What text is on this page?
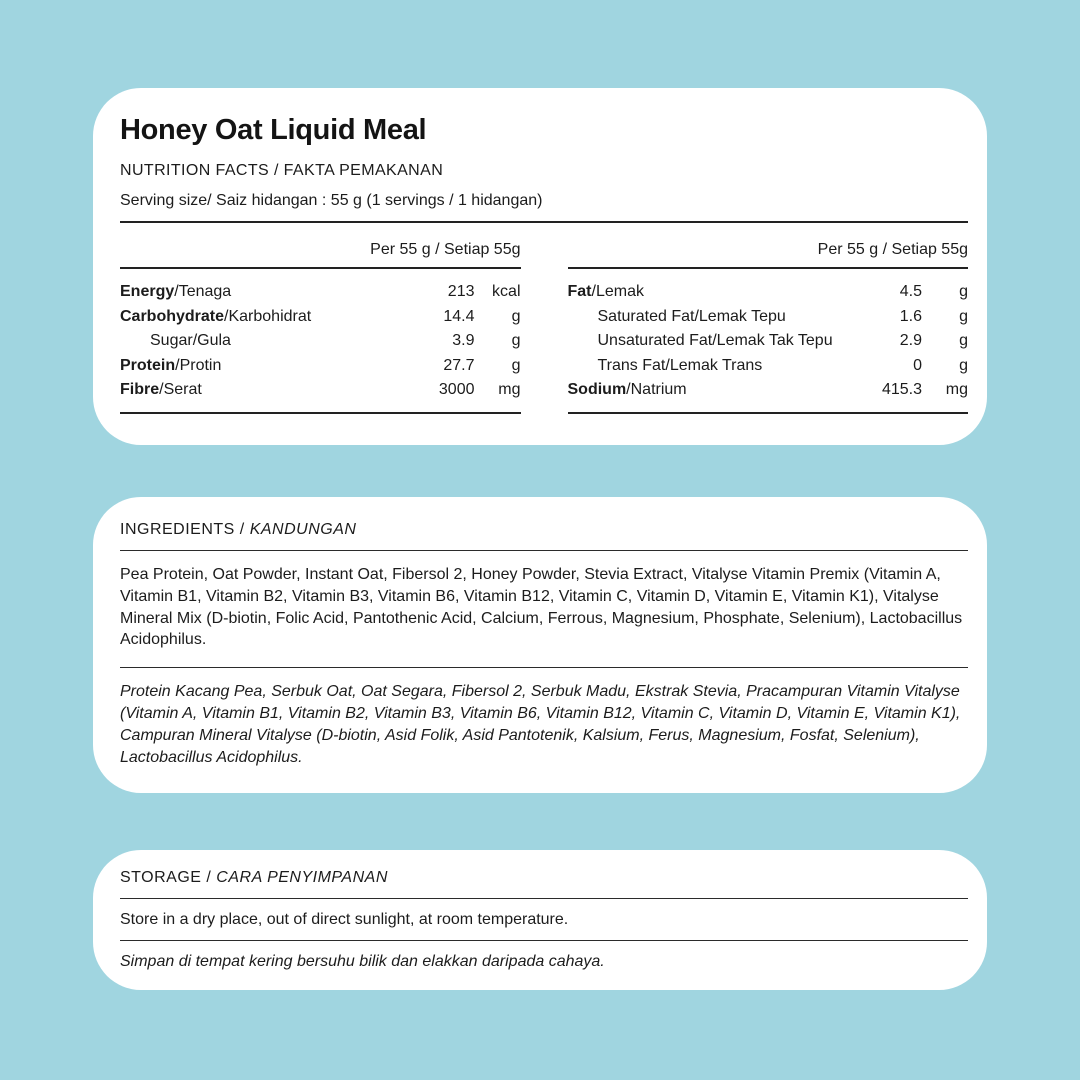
Honey Oat Liquid Meal
NUTRITION FACTS / FAKTA PEMAKANAN
Serving size/ Saiz hidangan : 55 g (1 servings / 1 hidangan)
Per 55 g / Setiap 55g
Energy/Tenaga	213	kcal
Carbohydrate/Karbohidrat	14.4	g
Sugar/Gula	3.9	g
Protein/Protin	27.7	g
Fibre/Serat	3000	mg
Per 55 g / Setiap 55g
Fat/Lemak	4.5	g
Saturated Fat/Lemak Tepu	1.6	g
Unsaturated Fat/Lemak Tak Tepu	2.9	g
Trans Fat/Lemak Trans	0	g
Sodium/Natrium	415.3	mg
INGREDIENTS / KANDUNGAN

Pea Protein, Oat Powder, Instant Oat, Fibersol 2, Honey Powder, Stevia Extract, Vitalyse Vitamin Premix (Vitamin A, Vitamin B1, Vitamin B2, Vitamin B3, Vitamin B6, Vitamin B12, Vitamin C, Vitamin D, Vitamin E, Vitamin K1), Vitalyse Mineral Mix (D-biotin, Folic Acid, Pantothenic Acid, Calcium, Ferrous, Magnesium, Phosphate, Selenium), Lactobacillus Acidophilus.

Protein Kacang Pea, Serbuk Oat, Oat Segara, Fibersol 2, Serbuk Madu, Ekstrak Stevia, Pracampuran Vitamin Vitalyse (Vitamin A, Vitamin B1, Vitamin B2, Vitamin B3, Vitamin B6, Vitamin B12, Vitamin C, Vitamin D, Vitamin E, Vitamin K1), Campuran Mineral Vitalyse (D-biotin, Asid Folik, Asid Pantotenik, Kalsium, Ferus, Magnesium, Fosfat, Selenium), Lactobacillus Acidophilus.

STORAGE / CARA PENYIMPANAN
Store in a dry place, out of direct sunlight, at room temperature.
Simpan di tempat kering bersuhu bilik dan elakkan daripada cahaya.
